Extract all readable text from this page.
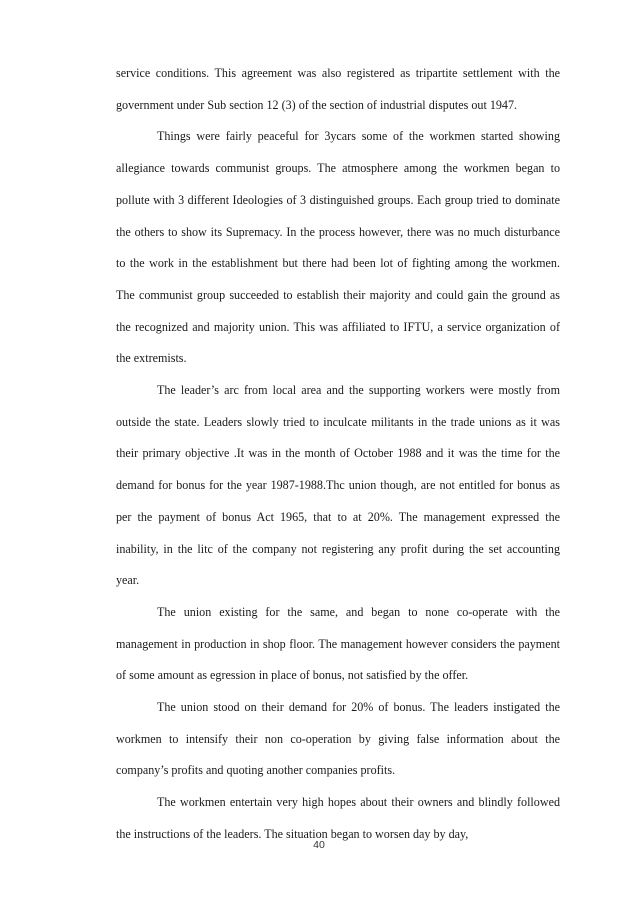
service conditions. This agreement was also registered as tripartite settlement with the government under Sub section 12 (3) of the section of industrial disputes out 1947.

Things were fairly peaceful for 3ycars some of the workmen started showing allegiance towards communist groups. The atmosphere among the workmen began to pollute with 3 different Ideologies of 3 distinguished groups. Each group tried to dominate the others to show its Supremacy. In the process however, there was no much disturbance to the work in the establishment but there had been lot of fighting among the workmen. The communist group succeeded to establish their majority and could gain the ground as the recognized and majority union. This was affiliated to IFTU, a service organization of the extremists.

The leader’s arc from local area and the supporting workers were mostly from outside the state. Leaders slowly tried to inculcate militants in the trade unions as it was their primary objective .It was in the month of October 1988 and it was the time for the demand for bonus for the year 1987-1988.Thc union though, are not entitled for bonus as per the payment of bonus Act 1965, that to at 20%. The management expressed the inability, in the litc of the company not registering any profit during the set accounting year.

The union existing for the same, and began to none co-operate with the management in production in shop floor. The management however considers the payment of some amount as egression in place of bonus, not satisfied by the offer.

The union stood on their demand for 20% of bonus. The leaders instigated the workmen to intensify their non co-operation by giving false information about the company’s profits and quoting another companies profits.

The workmen entertain very high hopes about their owners and blindly followed the instructions of the leaders. The situation began to worsen day by day,

40
